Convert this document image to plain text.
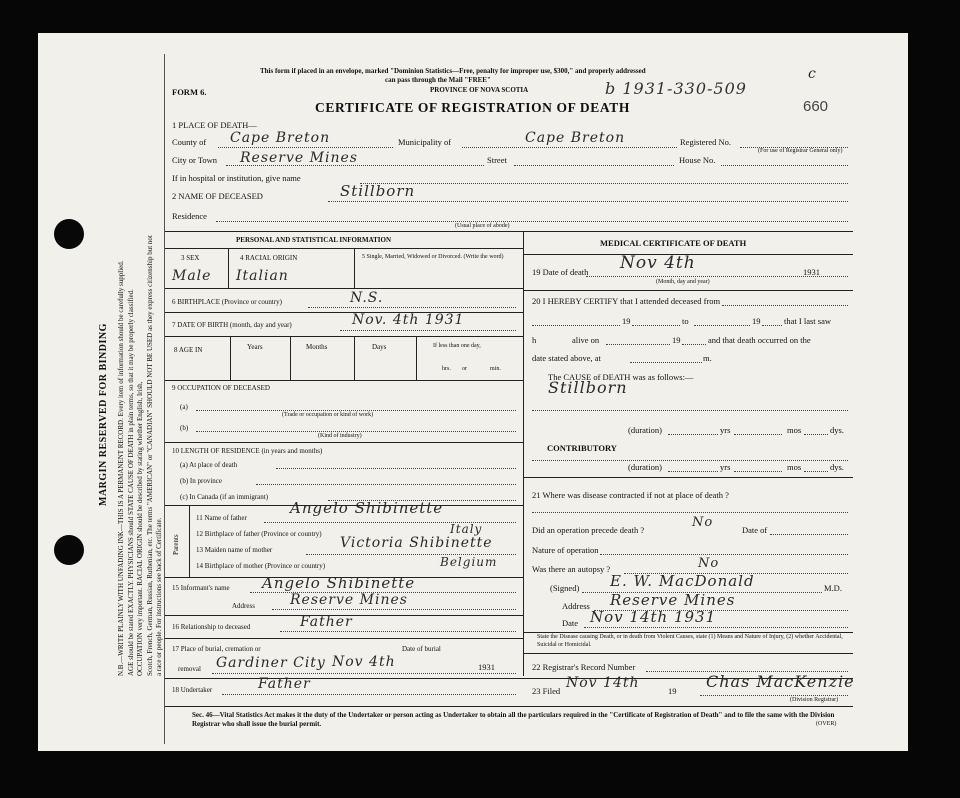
MARGIN RESERVED FOR BINDING N.B.—WRITE PLAINLY WITH UNFADING INK—THIS IS A PERMANENT RECORD. Every item of information should be carefully supplied. AGE should be stated EXACTLY. PHYSICIANS should STATE CAUSE OF DEATH in plain terms, so that it may be properly classified. OCCUPATION very important. RACIAL ORIGIN should be described by stating whether English, Irish, Scotch, French, German, Russian, Ruthenian, etc. The terms "AMERICAN" or "CANADIAN" SHOULD NOT BE USED as they express citizenship but not a race or people. For instructions see back of Certificate.
This form if placed in an envelope, marked "Dominion Statistics—Free, penalty for improper use, $300," and properly addressed
can pass through the Mail "FREE"
PROVINCE OF NOVA SCOTIA
FORM 6.
CERTIFICATE OF REGISTRATION OF DEATH
b 1931-330-509
c
660
1 PLACE OF DEATH—
County of Cape Breton	Municipality of	Cape Breton	Registered No.
(For use of Registrar General only)
City or Town Reserve Mines	Street	House No.
If in hospital or institution, give name
2 NAME OF DECEASED	Stillborn
Residence
(Usual place of abode)
PERSONAL AND STATISTICAL INFORMATION	MEDICAL CERTIFICATE OF DEATH
3 SEX	4 RACIAL ORIGIN	5 Single, Married, Widowed or Divorced. (Write the word)
Male Italian
6 BIRTHPLACE (Province or country)	N.S.
7 DATE OF BIRTH (month, day and year)	Nov. 4th 1931
8 AGE IN	Years	Months	Days	If less than one day,
hrs. or	min.
9 OCCUPATION OF DECEASED
(a)
(Trade or occupation or kind of work)
(b)
(Kind of industry)
10 LENGTH OF RESIDENCE (in years and months)
(a) At place of death
(b) In province
(c) In Canada (if an immigrant)
Parents
11 Name of father
Angelo Shibinette
12 Birthplace of father (Province or country)	Italy
13 Maiden name of mother	Victoria Shibinette
14 Birthplace of mother (Province or country)	Belgium
15 Informant's name Angelo Shibinette
Address	Reserve Mines
16 Relationship to deceased	Father
17 Place of burial, cremation or	Date of burial
removal Gardiner City Nov 4th	1931
18 Undertaker	Father
19 Date of death Nov 4th	1931
(Month, day and year)
20 I HEREBY CERTIFY that I attended deceased from
19	to	19	that I last saw
h	alive on	19	and that death occurred on the
date stated above, at	m.
The CAUSE of DEATH was as follows:—
Stillborn
(duration)	yrs	mos	dys.
CONTRIBUTORY
(duration)	yrs	mos	dys.
21 Where was disease contracted if not at place of death ?
Did an operation precede death ?	No	Date of
Nature of operation
Was there an autopsy ?	No
(Signed) E. W. MacDonald	M.D.
Address Reserve Mines
Date Nov 14th 1931
State the Disease causing Death, or in death from Violent Causes, state (1) Means and Nature of Injury, (2) whether Accidental, Suicidal or Homicidal.
22 Registrar's Record Number
23 Filed Nov 14th	19 Chas MacKenzie
(Division Registrar)
Sec. 46—Vital Statistics Act makes it the duty of the Undertaker or person acting as Undertaker to obtain all the particulars required in the "Certificate of Registration of Death" and to file the same with the Division Registrar who shall issue the burial permit.	(OVER)
